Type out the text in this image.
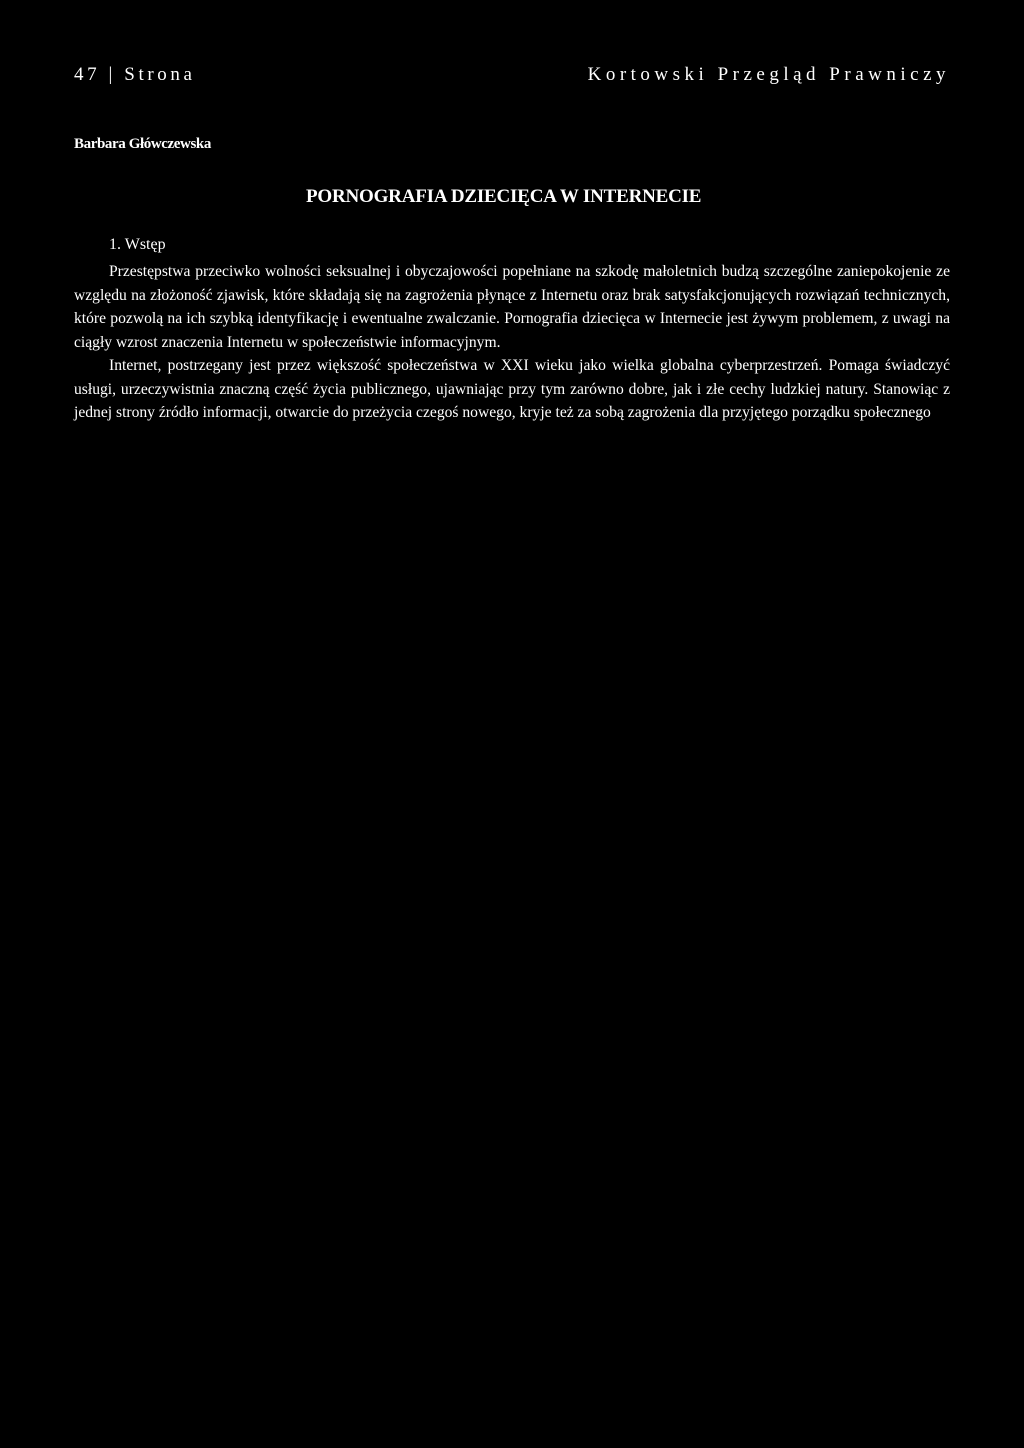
47 | Strona	Kortowski Przegląd Prawniczy
Barbara Główczewska
PORNOGRAFIA DZIECIĘCA W INTERNECIE
1. Wstęp

Przestępstwa przeciwko wolności seksualnej i obyczajowości popełniane na szkodę małoletnich budzą szczególne zaniepokojenie ze względu na złożoność zjawisk, które składają się na zagrożenia płynące z Internetu oraz brak satysfakcjonujących rozwiązań technicznych, które pozwolą na ich szybką identyfikację i ewentualne zwalczanie. Pornografia dziecięca w Internecie jest żywym problemem, z uwagi na ciągły wzrost znaczenia Internetu w społeczeństwie informacyjnym.

Internet, postrzegany jest przez większość społeczeństwa w XXI wieku jako wielka globalna cyberprzestrzeń. Pomaga świadczyć usługi, urzeczywistnia znaczną część życia publicznego, ujawniając przy tym zarówno dobre, jak i złe cechy ludzkiej natury. Stanowiąc z jednej strony źródło informacji, otwarcie do przeżycia czegoś nowego, kryje też za sobą zagrożenia dla przyjętego porządku społecznego
